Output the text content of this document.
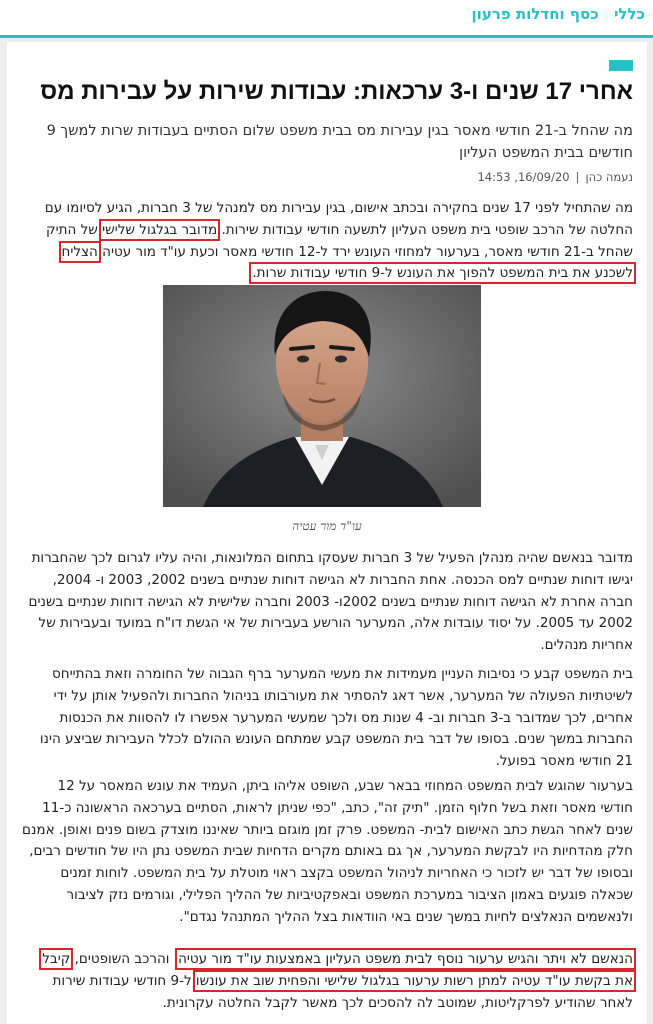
כללי כסף וחדלות פרעון
אחרי 17 שנים ו-3 ערכאות: עבודות שירות על עבירות מס

מה שהחל ב-21 חודשי מאסר בגין עבירות מס בבית משפט שלום הסתיים בעבודות שרות למשך 9 חודשים בבית המשפט העליון

נעמה כהן|16/09/20, 14:53

מה שהתחיל לפני 17 שנים בחקירה ובכתב אישום, בגין עבירות מס למנהל של 3 חברות, הגיע לסיומו עם החלטה של הרכב שופטי בית משפט העליון לתשעה חודשי עבודות שירות. מדובר בגלגול שלישי של התיק שהחל ב-21 חודשי מאסר, בערעור למחוזי העונש ירד ל-12 חודשי מאסר וכעת עו"ד מור עטיה הצליח לשכנע את בית המשפט להפוך את העונש ל-9 חודשי עבודות שרות.

עו"ד מור עטיה

מדובר בנאשם שהיה מנהלן הפעיל של 3 חברות שעסקו בתחום המלונאות, והיה עליו לגרום לכך שהחברות יגישו דוחות שנתיים למס הכנסה. אחת החברות לא הגישה דוחות שנתיים בשנים 2002, 2003 ו- 2004, חברה אחרת לא הגישה דוחות שנתיים בשנים 2002ו- 2003 וחברה שלישית לא הגישה דוחות שנתיים בשנים 2002 עד 2005. על יסוד עובדות אלה, המערער הורשע בעבירות של אי הגשת דו"ח במועד ובעבירות של אחריות מנהלים.

בית המשפט קבע כי נסיבות העניין מעמידות את מעשי המערער ברף הגבוה של החומרה וזאת בהתייחס לשיטתיות הפעולה של המערער, אשר דאג להסתיר את מעורבותו בניהול החברות ולהפעיל אותן על ידי אחרים, לכך שמדובר ב-3 חברות וב- 4 שנות מס ולכך שמעשי המערער אפשרו לו להסוות את הכנסות החברות במשך שנים. בסופו של דבר בית המשפט קבע שמתחם העונש ההולם לכלל העבירות שביצע הינו 21 חודשי מאסר בפועל.

בערעור שהוגש לבית המשפט המחוזי בבאר שבע, השופט אליהו ביתן, העמיד את עונש המאסר על 12 חודשי מאסר וזאת בשל חלוף הזמן. "תיק זה", כתב, "כפי שניתן לראות, הסתיים בערכאה הראשונה כ-11 שנים לאחר הגשת כתב האישום לבית- המשפט. פרק זמן מוגזם ביותר שאיננו מוצדק בשום פנים ואופן. אמנם חלק מהדחיות היו לבקשת המערער, אך גם באותם מקרים הדחיות שבית המשפט נתן היו של חודשים רבים, ובסופו של דבר יש לזכור כי האחריות לניהול המשפט בקצב ראוי מוטלת על בית המשפט. לוחות זמנים שכאלה פוגעים באמון הציבור במערכת המשפט ובאפקטיביות של ההליך הפלילי, וגורמים נזק לציבור ולנאשמים הנאלצים לחיות במשך שנים באי הוודאות בצל ההליך המתנהל נגדם".

הנאשם לא ויתר והגיש ערעור נוסף לבית משפט העליון באמצעות עו"ד מור עטיה, והרכב השופטים, קיבל את בקשת עו"ד עטיה למתן רשות ערעור בגלגול שלישי והפחית שוב את עונשו ל-9 חודשי עבודות שירות לאחר שהודיע לפרקליטות, שמוטב לה להסכים לכך מאשר לקבל החלטה עקרונית.
